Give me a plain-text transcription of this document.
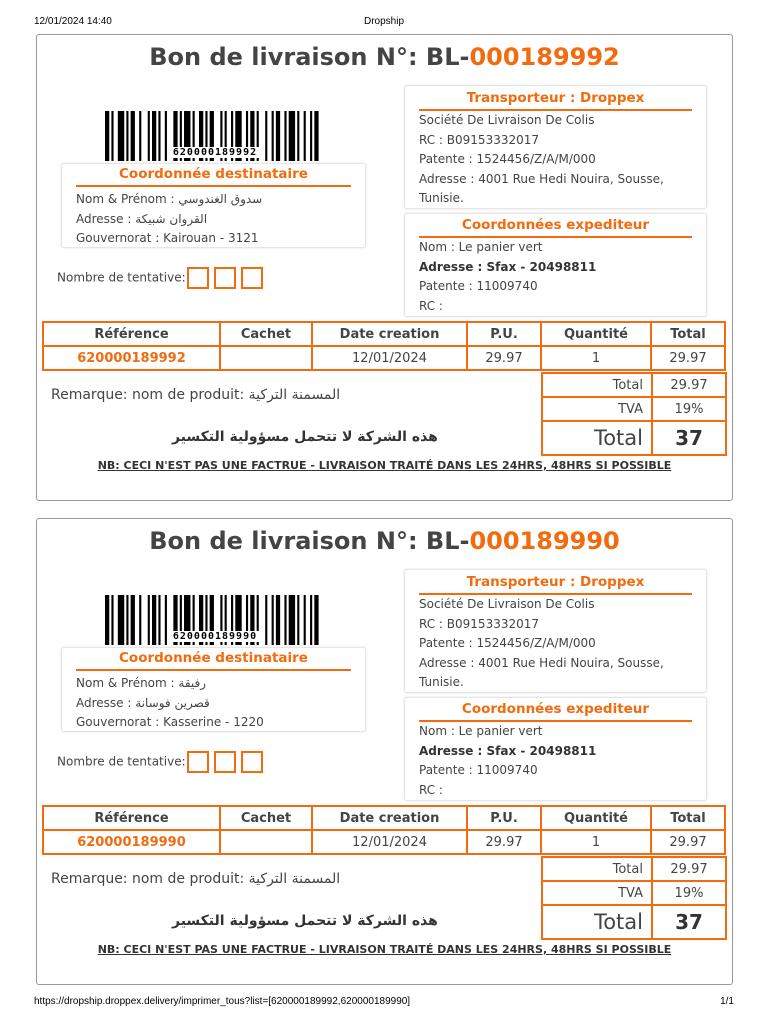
12/01/2024 14:40	Dropship
Bon de livraison N°: BL-000189992
620000189992
Coordonnée destinataire
Nom & Prénom : سدوق الغندوسي
Adresse : القروان شبيكة
Gouvernorat : Kairouan - 3121
Transporteur : Droppex
Société De Livraison De Colis
RC : B09153332017
Patente : 1524456/Z/A/M/000
Adresse : 4001 Rue Hedi Nouira, Sousse,
Tunisie.
Coordonnées expediteur
Nom : Le panier vert
Adresse : Sfax - 20498811
Patente : 11009740
RC :
Nombre de tentative:
Référence	Cachet	Date creation	P.U.	Quantité	Total
620000189992		12/01/2024	29.97	1	29.97
Remarque: nom de produit: المسمنة التركية
هذه الشركة لا تتحمل مسؤولية التكسير
Total	29.97
TVA	19%
Total	37
NB: CECI N'EST PAS UNE FACTRUE - LIVRAISON TRAITÉ DANS LES 24HRS, 48HRS SI POSSIBLE
Bon de livraison N°: BL-000189990
620000189990
Coordonnée destinataire
Nom & Prénom : رفيقة
Adresse : قصرين فوسانة
Gouvernorat : Kasserine - 1220
Transporteur : Droppex
Société De Livraison De Colis
RC : B09153332017
Patente : 1524456/Z/A/M/000
Adresse : 4001 Rue Hedi Nouira, Sousse,
Tunisie.
Coordonnées expediteur
Nom : Le panier vert
Adresse : Sfax - 20498811
Patente : 11009740
RC :
Nombre de tentative:
Référence	Cachet	Date creation	P.U.	Quantité	Total
620000189990		12/01/2024	29.97	1	29.97
Remarque: nom de produit: المسمنة التركية
هذه الشركة لا تتحمل مسؤولية التكسير
Total	29.97
TVA	19%
Total	37
NB: CECI N'EST PAS UNE FACTRUE - LIVRAISON TRAITÉ DANS LES 24HRS, 48HRS SI POSSIBLE
https://dropship.droppex.delivery/imprimer_tous?list=[620000189992,620000189990]	1/1
